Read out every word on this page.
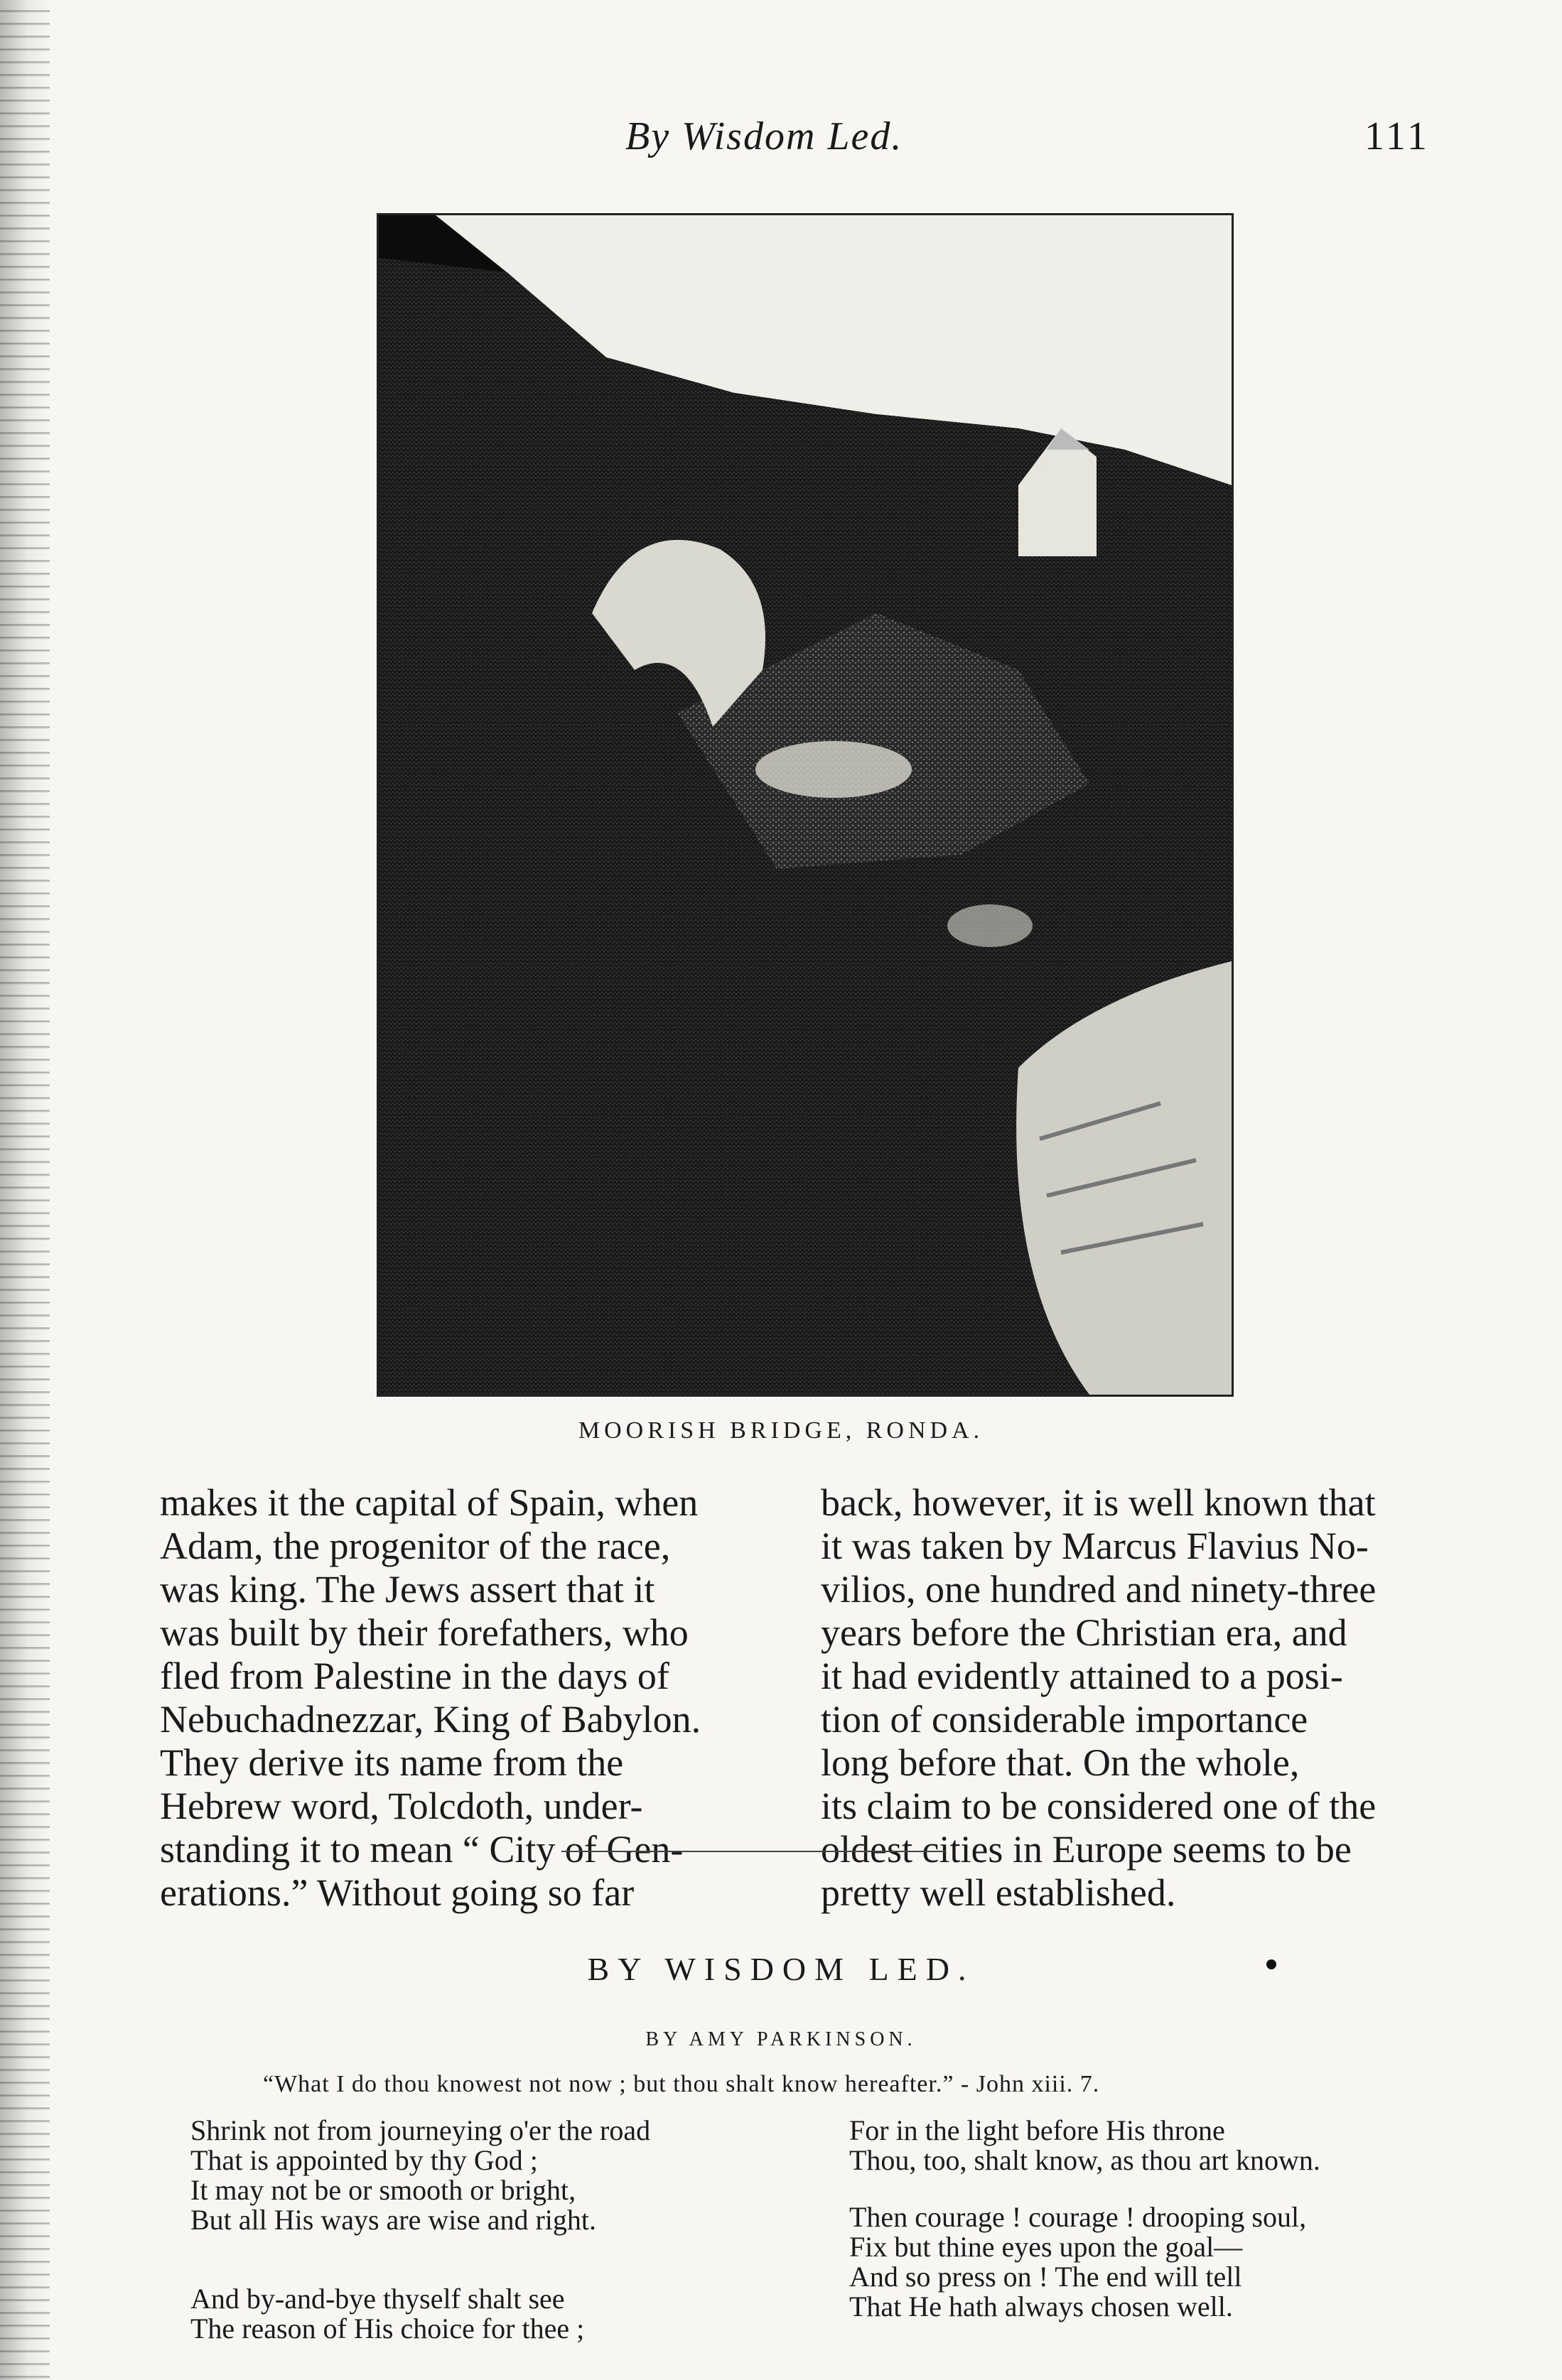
By Wisdom Led.	111
MOORISH BRIDGE, RONDA.

makes it the capital of Spain, when

Adam, the progenitor of the race,

was king. The Jews assert that it

was built by their forefathers, who

fled from Palestine in the days of

Nebuchadnezzar, King of Babylon.

They derive its name from the

Hebrew word, Tolcdoth, under-

standing it to mean “ City of Gen-

erations.” Without going so far

back, however, it is well known that

it was taken by Marcus Flavius No-

vilios, one hundred and ninety-three

years before the Christian era, and

it had evidently attained to a posi-

tion of considerable importance

long before that. On the whole,

its claim to be considered one of the

oldest cities in Europe seems to be

pretty well established.

BY WISDOM LED.
BY AMY PARKINSON.
“What I do thou knowest not now ; but thou shalt know hereafter.” - John xiii. 7.
Shrink not from journeying o'er the road
That is appointed by thy God ;
It may not be or smooth or bright,
But all His ways are wise and right.
And by-and-bye thyself shalt see
The reason of His choice for thee ;
For in the light before His throne
Thou, too, shalt know, as thou art known.
Then courage ! courage ! drooping soul,
Fix but thine eyes upon the goal—
And so press on ! The end will tell
That He hath always chosen well.
